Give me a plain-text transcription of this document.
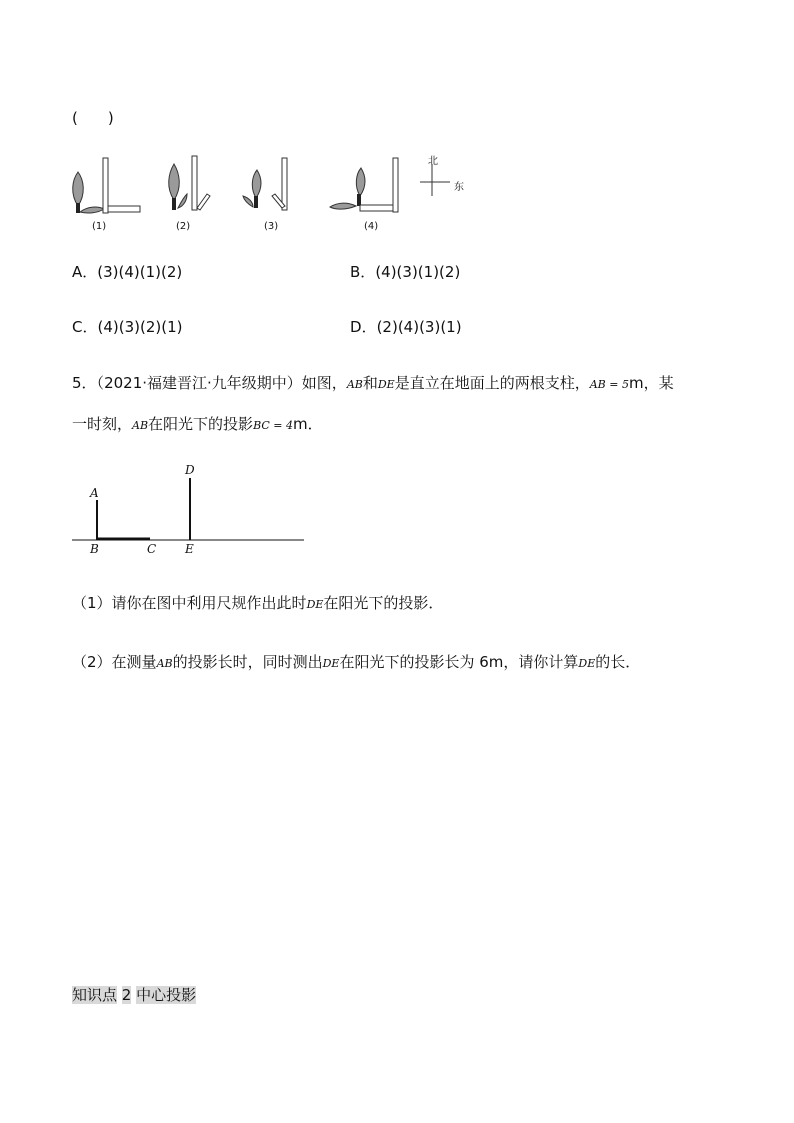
(　　)
北
东
(1)	(2)	(3)	(4)
A．(3)(4)(1)(2)	B．(4)(3)(1)(2)
C．(4)(3)(2)(1)	D．(2)(4)(3)(1)
5．（2021·福建晋江·九年级期中）如图，AB和DE是直立在地面上的两根支柱，AB = 5m，某
一时刻，AB在阳光下的投影BC = 4m．
A
B	C
D
E
（1）请你在图中利用尺规作出此时DE在阳光下的投影．
（2）在测量AB的投影长时，同时测出DE在阳光下的投影长为 6m，请你计算DE的长．
知识点 2 中心投影
